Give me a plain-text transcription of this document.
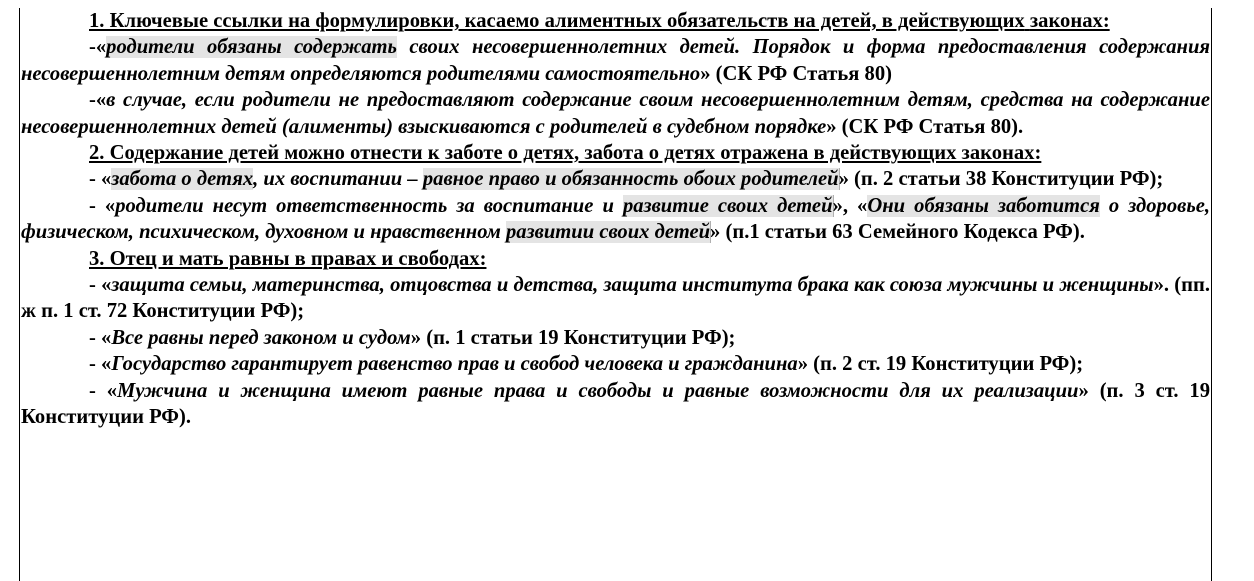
1. Ключевые ссылки на формулировки, касаемо алиментных обязательств на детей, в действующих законах:

-«родители обязаны содержать своих несовершеннолетних детей. Порядок и форма предоставления содержания несовершеннолетним детям определяются родителями самостоятельно» (СК РФ Статья 80)

-«в случае, если родители не предоставляют содержание своим несовершеннолетним детям, средства на содержание несовершеннолетних детей (алименты) взыскиваются с родителей в судебном порядке» (СК РФ Статья 80).

2. Содержание детей можно отнести к заботе о детях, забота о детях отражена в действующих законах:

- «забота о детях, их воспитании – равное право и обязанность обоих родителей» (п. 2 статьи 38 Конституции РФ);

- «родители несут ответственность за воспитание и развитие своих детей», «Они обязаны заботится о здоровье, физическом, психическом, духовном и нравственном развитии своих детей» (п.1 статьи 63 Семейного Кодекса РФ).

3. Отец и мать равны в правах и свободах:

- «защита семьи, материнства, отцовства и детства, защита института брака как союза мужчины и женщины». (пп. ж п. 1 ст. 72 Конституции РФ);

- «Все равны перед законом и судом» (п. 1 статьи 19 Конституции РФ);

- «Государство гарантирует равенство прав и свобод человека и гражданина» (п. 2 ст. 19 Конституции РФ);

- «Мужчина и женщина имеют равные права и свободы и равные возможности для их реализации» (п. 3 ст. 19 Конституции РФ).
